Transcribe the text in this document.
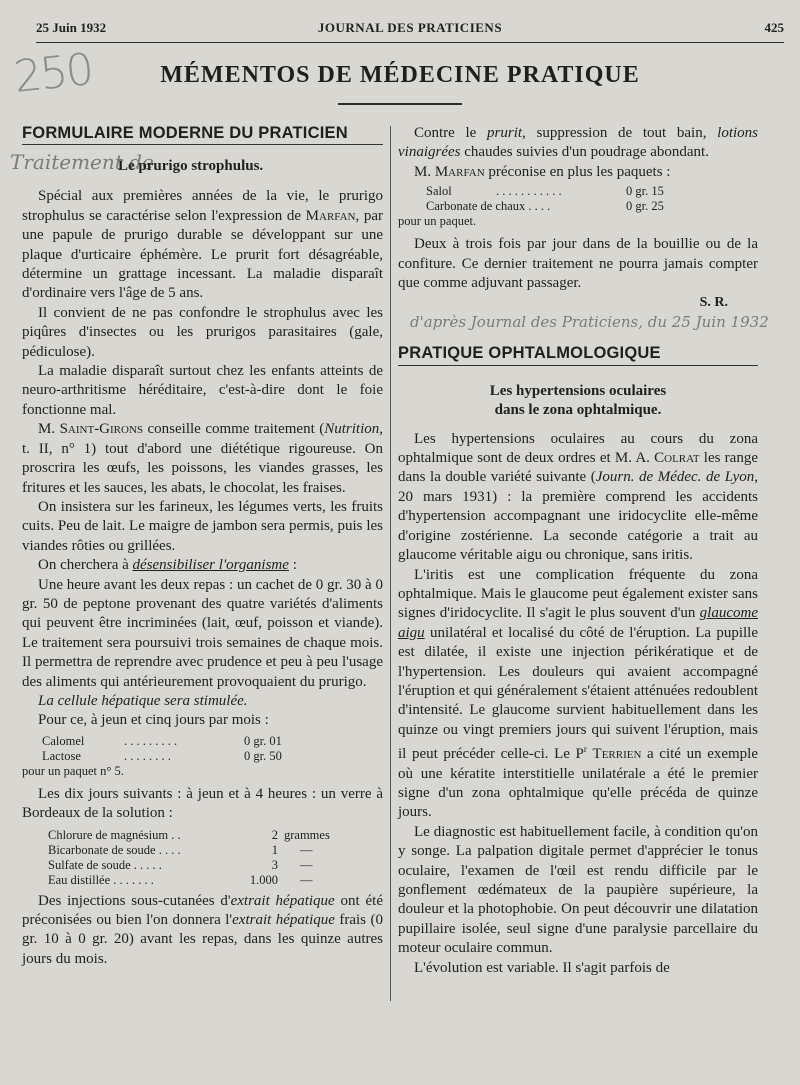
25 Juin 1932	JOURNAL DES PRATICIENS	425
250	MÉMENTOS DE MÉDECINE PRATIQUE
FORMULAIRE MODERNE DU PRATICIEN
Traitement de
Le prurigo strophulus.

Spécial aux premières années de la vie, le prurigo strophulus se caractérise selon l'expression de Marfan, par une papule de prurigo durable se développant sur une plaque d'urticaire éphémère. Le prurit fort désagréable, détermine un grattage incessant. La maladie disparaît d'ordinaire vers l'âge de 5 ans.

Il convient de ne pas confondre le strophulus avec les piqûres d'insectes ou les prurigos parasitaires (gale, pédiculose).

La maladie disparaît surtout chez les enfants atteints de neuro-arthritisme héréditaire, c'est-à-dire dont le foie fonctionne mal.

M. Saint-Girons conseille comme traitement (Nutrition, t. II, n° 1) tout d'abord une diététique rigoureuse. On proscrira les œufs, les poissons, les viandes grasses, les fritures et les sauces, les abats, le chocolat, les fraises.

On insistera sur les farineux, les légumes verts, les fruits cuits. Peu de lait. Le maigre de jambon sera permis, puis les viandes rôties ou grillées.

On cherchera à désensibiliser l'organisme :

Une heure avant les deux repas : un cachet de 0 gr. 30 à 0 gr. 50 de peptone provenant des quatre variétés d'aliments qui peuvent être incriminées (lait, œuf, poisson et viande). Le traitement sera poursuivi trois semaines de chaque mois. Il permettra de reprendre avec prudence et peu à peu l'usage des aliments qui antérieurement provoquaient du prurigo.

La cellule hépatique sera stimulée.

Pour ce, à jeun et cinq jours par mois :

Calomel	. . . . . . . . .	0 gr. 01
Lactose	. . . . . . . .	0 gr. 50
pour un paquet n° 5.

Les dix jours suivants : à jeun et à 4 heures : un verre à Bordeaux de la solution :

Chlorure de magnésium . .	2	grammes
Bicarbonate de soude . . . .	1	—
Sulfate de soude . . . . .	3	—
Eau distillée . . . . . . .	1.000	—

Des injections sous-cutanées d'extrait hépatique ont été préconisées ou bien l'on donnera l'extrait hépatique frais (0 gr. 10 à 0 gr. 20) avant les repas, dans les quinze autres jours du mois.

Contre le prurit, suppression de tout bain, lotions vinaigrées chaudes suivies d'un poudrage abondant.

M. Marfan préconise en plus les paquets :

Salol	. . . . . . . . . . .	0 gr. 15
Carbonate de chaux . . . .		0 gr. 25
pour un paquet.

Deux à trois fois par jour dans de la bouillie ou de la confiture. Ce dernier traitement ne pourra jamais compter que comme adjuvant passager.

S. R.
d'après Journal des Praticiens, du 25 Juin 1932
PRATIQUE OPHTALMOLOGIQUE
Les hypertensions oculaires
dans le zona ophtalmique.

Les hypertensions oculaires au cours du zona ophtalmique sont de deux ordres et M. A. Colrat les range dans la double variété suivante (Journ. de Médec. de Lyon, 20 mars 1931) : la première comprend les accidents d'hypertension accompagnant une iridocyclite elle-même d'origine zostérienne. La seconde catégorie a trait au glaucome véritable aigu ou chronique, sans iritis.

L'iritis est une complication fréquente du zona ophtalmique. Mais le glaucome peut également exister sans signes d'iridocyclite. Il s'agit le plus souvent d'un glaucome aigu unilatéral et localisé du côté de l'éruption. La pupille est dilatée, il existe une injection périkératique et de l'hypertension. Les douleurs qui avaient accompagné l'éruption et qui généralement s'étaient atténuées redoublent d'intensité. Le glaucome survient habituellement dans les quinze ou vingt premiers jours qui suivent l'éruption, mais il peut précéder celle-ci. Le $P^r$ Terrien a cité un exemple où une kératite interstitielle unilatérale a été le premier signe d'un zona ophtalmique qu'elle précéda de quinze jours.

Le diagnostic est habituellement facile, à condition qu'on y songe. La palpation digitale permet d'apprécier le tonus oculaire, l'examen de l'œil est rendu difficile par le gonflement œdémateux de la paupière supérieure, la douleur et la photophobie. On peut découvrir une dilatation pupillaire isolée, seul signe d'une paralysie parcellaire du moteur oculaire commun.

L'évolution est variable. Il s'agit parfois de
